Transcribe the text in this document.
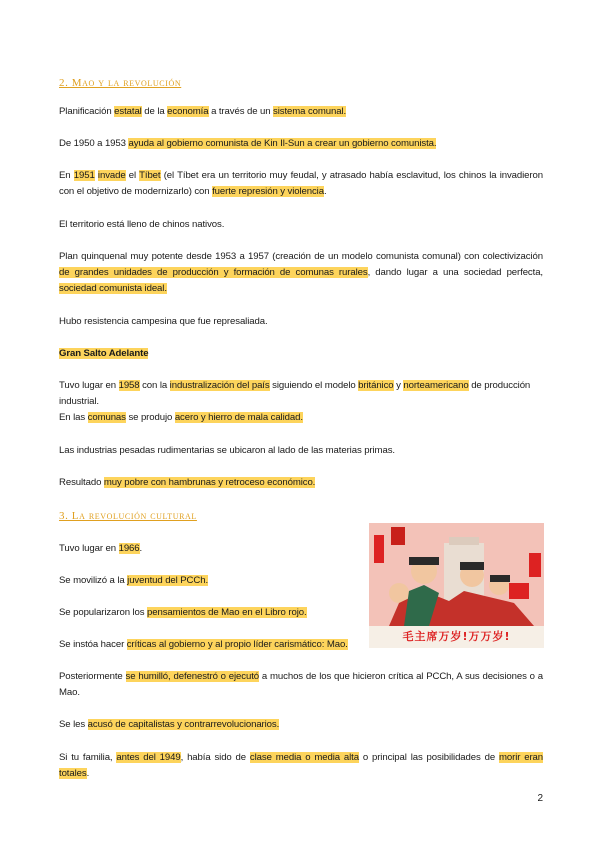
2. Mao y la revolución
Planificación estatal de la economía a través de un sistema comunal.
De 1950 a 1953 ayuda al gobierno comunista de Kin Il-Sun a crear un gobierno comunista.
En 1951 invade el Tíbet (el Tíbet era un territorio muy feudal, y atrasado había esclavitud, los chinos la invadieron con el objetivo de modernizarlo) con fuerte represión y violencia.
El territorio está lleno de chinos nativos.
Plan quinquenal muy potente desde 1953 a 1957 (creación de un modelo comunista comunal) con colectivización de grandes unidades de producción y formación de comunas rurales, dando lugar a una sociedad perfecta, sociedad comunista ideal.
Hubo resistencia campesina que fue represaliada.
Gran Salto Adelante
Tuvo lugar en 1958 con la industralización del país siguiendo el modelo británico y norteamericano de producción industrial.
En las comunas se produjo acero y hierro de mala calidad.
Las industrias pesadas rudimentarias se ubicaron al lado de las materias primas.
Resultado muy pobre con hambrunas y retroceso económico.
3. La revolución cultural
Tuvo lugar en 1966.
Se movilizó a la juventud del PCCh.
Se popularizaron los pensamientos de Mao en el Libro rojo.
Se instóa hacer críticas al gobierno y al propio líder carismático: Mao.
Posteriormente se humilló, defenestró o ejecutó a muchos de los que hicieron crítica al PCCh, A sus decisiones o a Mao.
Se les acusó de capitalistas y contrarrevolucionarios.
Si tu familia, antes del 1949, había sido de clase media o media alta o principal las posibilidades de morir eran totales.
毛主席万岁!万万岁!
2
